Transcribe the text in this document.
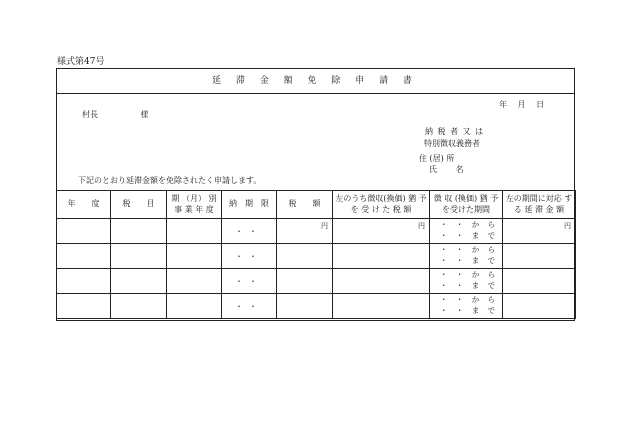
様式第47号
延 滞 金 額 免 除 申 請 書
年　 月　 日
村長　　　　　 様
納 税 者 又 は
特別徴収義務者
住 (居) 所
氏　　 名
下記のとおり延滞金額を免除されたく申請します。
年　　度	税　　目	期 （月） 別 事 業 年 度	納　期　限	税　　額	左のうち徴収(換価) 猶 予 を 受 け た 税 額	徴 収 (換価) 猶 予を受けた期間	左の期間に対応 す る 延 滞 金 額

			・・	円	円	・ ・ か ら
・ ・ ま で	円

			・・			・ ・ か ら
・ ・ ま で	

			・・			・ ・ か ら
・ ・ ま で	

			・・			・ ・ か ら
・ ・ ま で	
